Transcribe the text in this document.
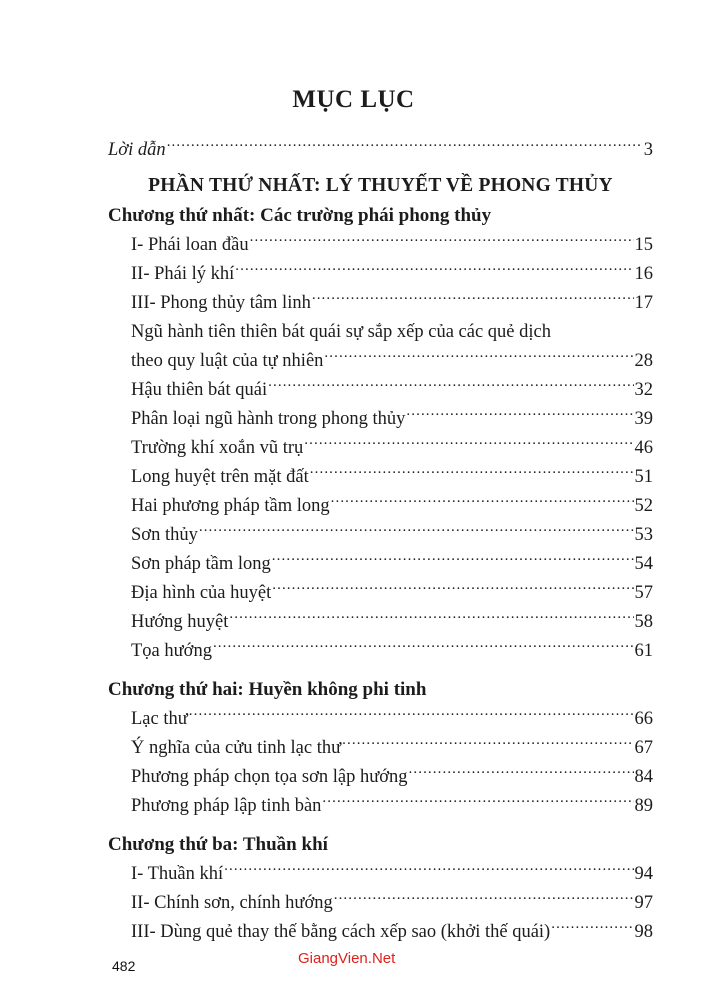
MỤC LỤC
Lời dẫn .....	3
PHẦN THỨ NHẤT: LÝ THUYẾT VỀ PHONG THỦY
Chương thứ nhất: Các trường phái phong thủy
I- Phái loan đầu .....	15
II- Phái lý khí .....	16
III- Phong thủy tâm linh .....	17
Ngũ hành tiên thiên bát quái sự sắp xếp của các quẻ dịch
theo quy luật của tự nhiên .....	28
Hậu thiên bát quái .....	32
Phân loại ngũ hành trong phong thủy .....	39
Trường khí xoắn vũ trụ .....	46
Long huyệt trên mặt đất .....	51
Hai phương pháp tầm long .....	52
Sơn thủy .....	53
Sơn pháp tầm long .....	54
Địa hình của huyệt .....	57
Hướng huyệt .....	58
Tọa hướng .....	61
Chương thứ hai: Huyền không phi tinh
Lạc thư .....	66
Ý nghĩa của cửu tinh lạc thư .....	67
Phương pháp chọn tọa sơn lập hướng .....	84
Phương pháp lập tinh bàn .....	89
Chương thứ ba: Thuần khí
I- Thuần khí .....	94
II- Chính sơn, chính hướng .....	97
III- Dùng quẻ thay thế bằng cách xếp sao (khởi thế quái) .....	98
482	GiangVien.Net
